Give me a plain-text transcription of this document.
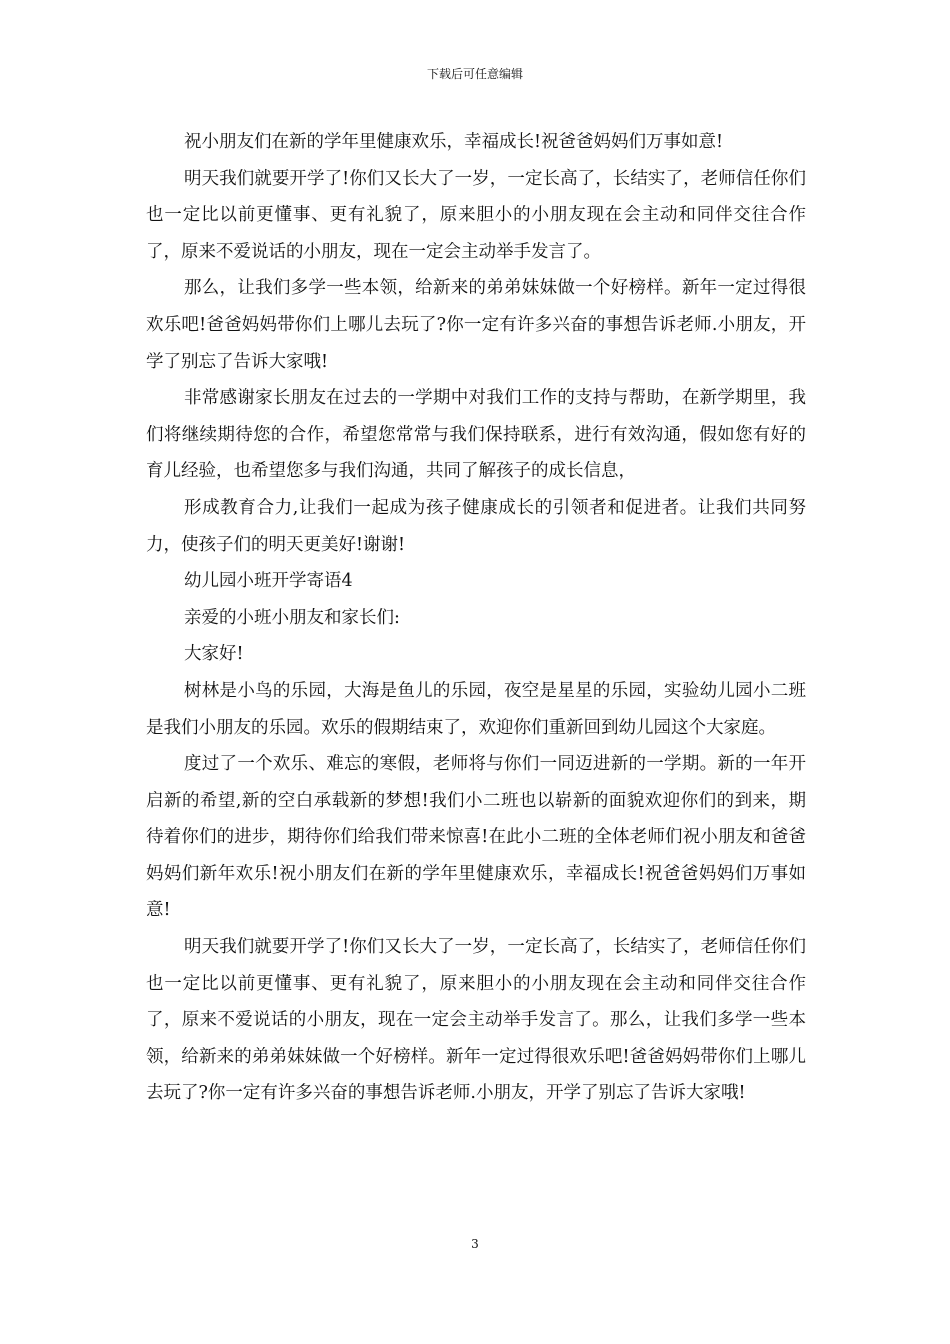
下载后可任意编辑

祝小朋友们在新的学年里健康欢乐，幸福成长!祝爸爸妈妈们万事如意!

明天我们就要开学了!你们又长大了一岁，一定长高了，长结实了，老师信任你们也一定比以前更懂事、更有礼貌了，原来胆小的小朋友现在会主动和同伴交往合作了，原来不爱说话的小朋友，现在一定会主动举手发言了。

那么，让我们多学一些本领，给新来的弟弟妹妹做一个好榜样。新年一定过得很欢乐吧!爸爸妈妈带你们上哪儿去玩了?你一定有许多兴奋的事想告诉老师.小朋友，开学了别忘了告诉大家哦!

非常感谢家长朋友在过去的一学期中对我们工作的支持与帮助，在新学期里，我们将继续期待您的合作，希望您常常与我们保持联系，进行有效沟通，假如您有好的育儿经验，也希望您多与我们沟通，共同了解孩子的成长信息，

形成教育合力,让我们一起成为孩子健康成长的引领者和促进者。让我们共同努力，使孩子们的明天更美好!谢谢!

幼儿园小班开学寄语4

亲爱的小班小朋友和家长们:

大家好!

树林是小鸟的乐园，大海是鱼儿的乐园，夜空是星星的乐园，实验幼儿园小二班是我们小朋友的乐园。欢乐的假期结束了，欢迎你们重新回到幼儿园这个大家庭。

度过了一个欢乐、难忘的寒假，老师将与你们一同迈进新的一学期。新的一年开启新的希望,新的空白承载新的梦想!我们小二班也以崭新的面貌欢迎你们的到来，期待着你们的进步，期待你们给我们带来惊喜!在此小二班的全体老师们祝小朋友和爸爸妈妈们新年欢乐!祝小朋友们在新的学年里健康欢乐，幸福成长!祝爸爸妈妈们万事如意!

明天我们就要开学了!你们又长大了一岁，一定长高了，长结实了，老师信任你们也一定比以前更懂事、更有礼貌了，原来胆小的小朋友现在会主动和同伴交往合作了，原来不爱说话的小朋友，现在一定会主动举手发言了。那么，让我们多学一些本领，给新来的弟弟妹妹做一个好榜样。新年一定过得很欢乐吧!爸爸妈妈带你们上哪儿去玩了?你一定有许多兴奋的事想告诉老师.小朋友，开学了别忘了告诉大家哦!

3
